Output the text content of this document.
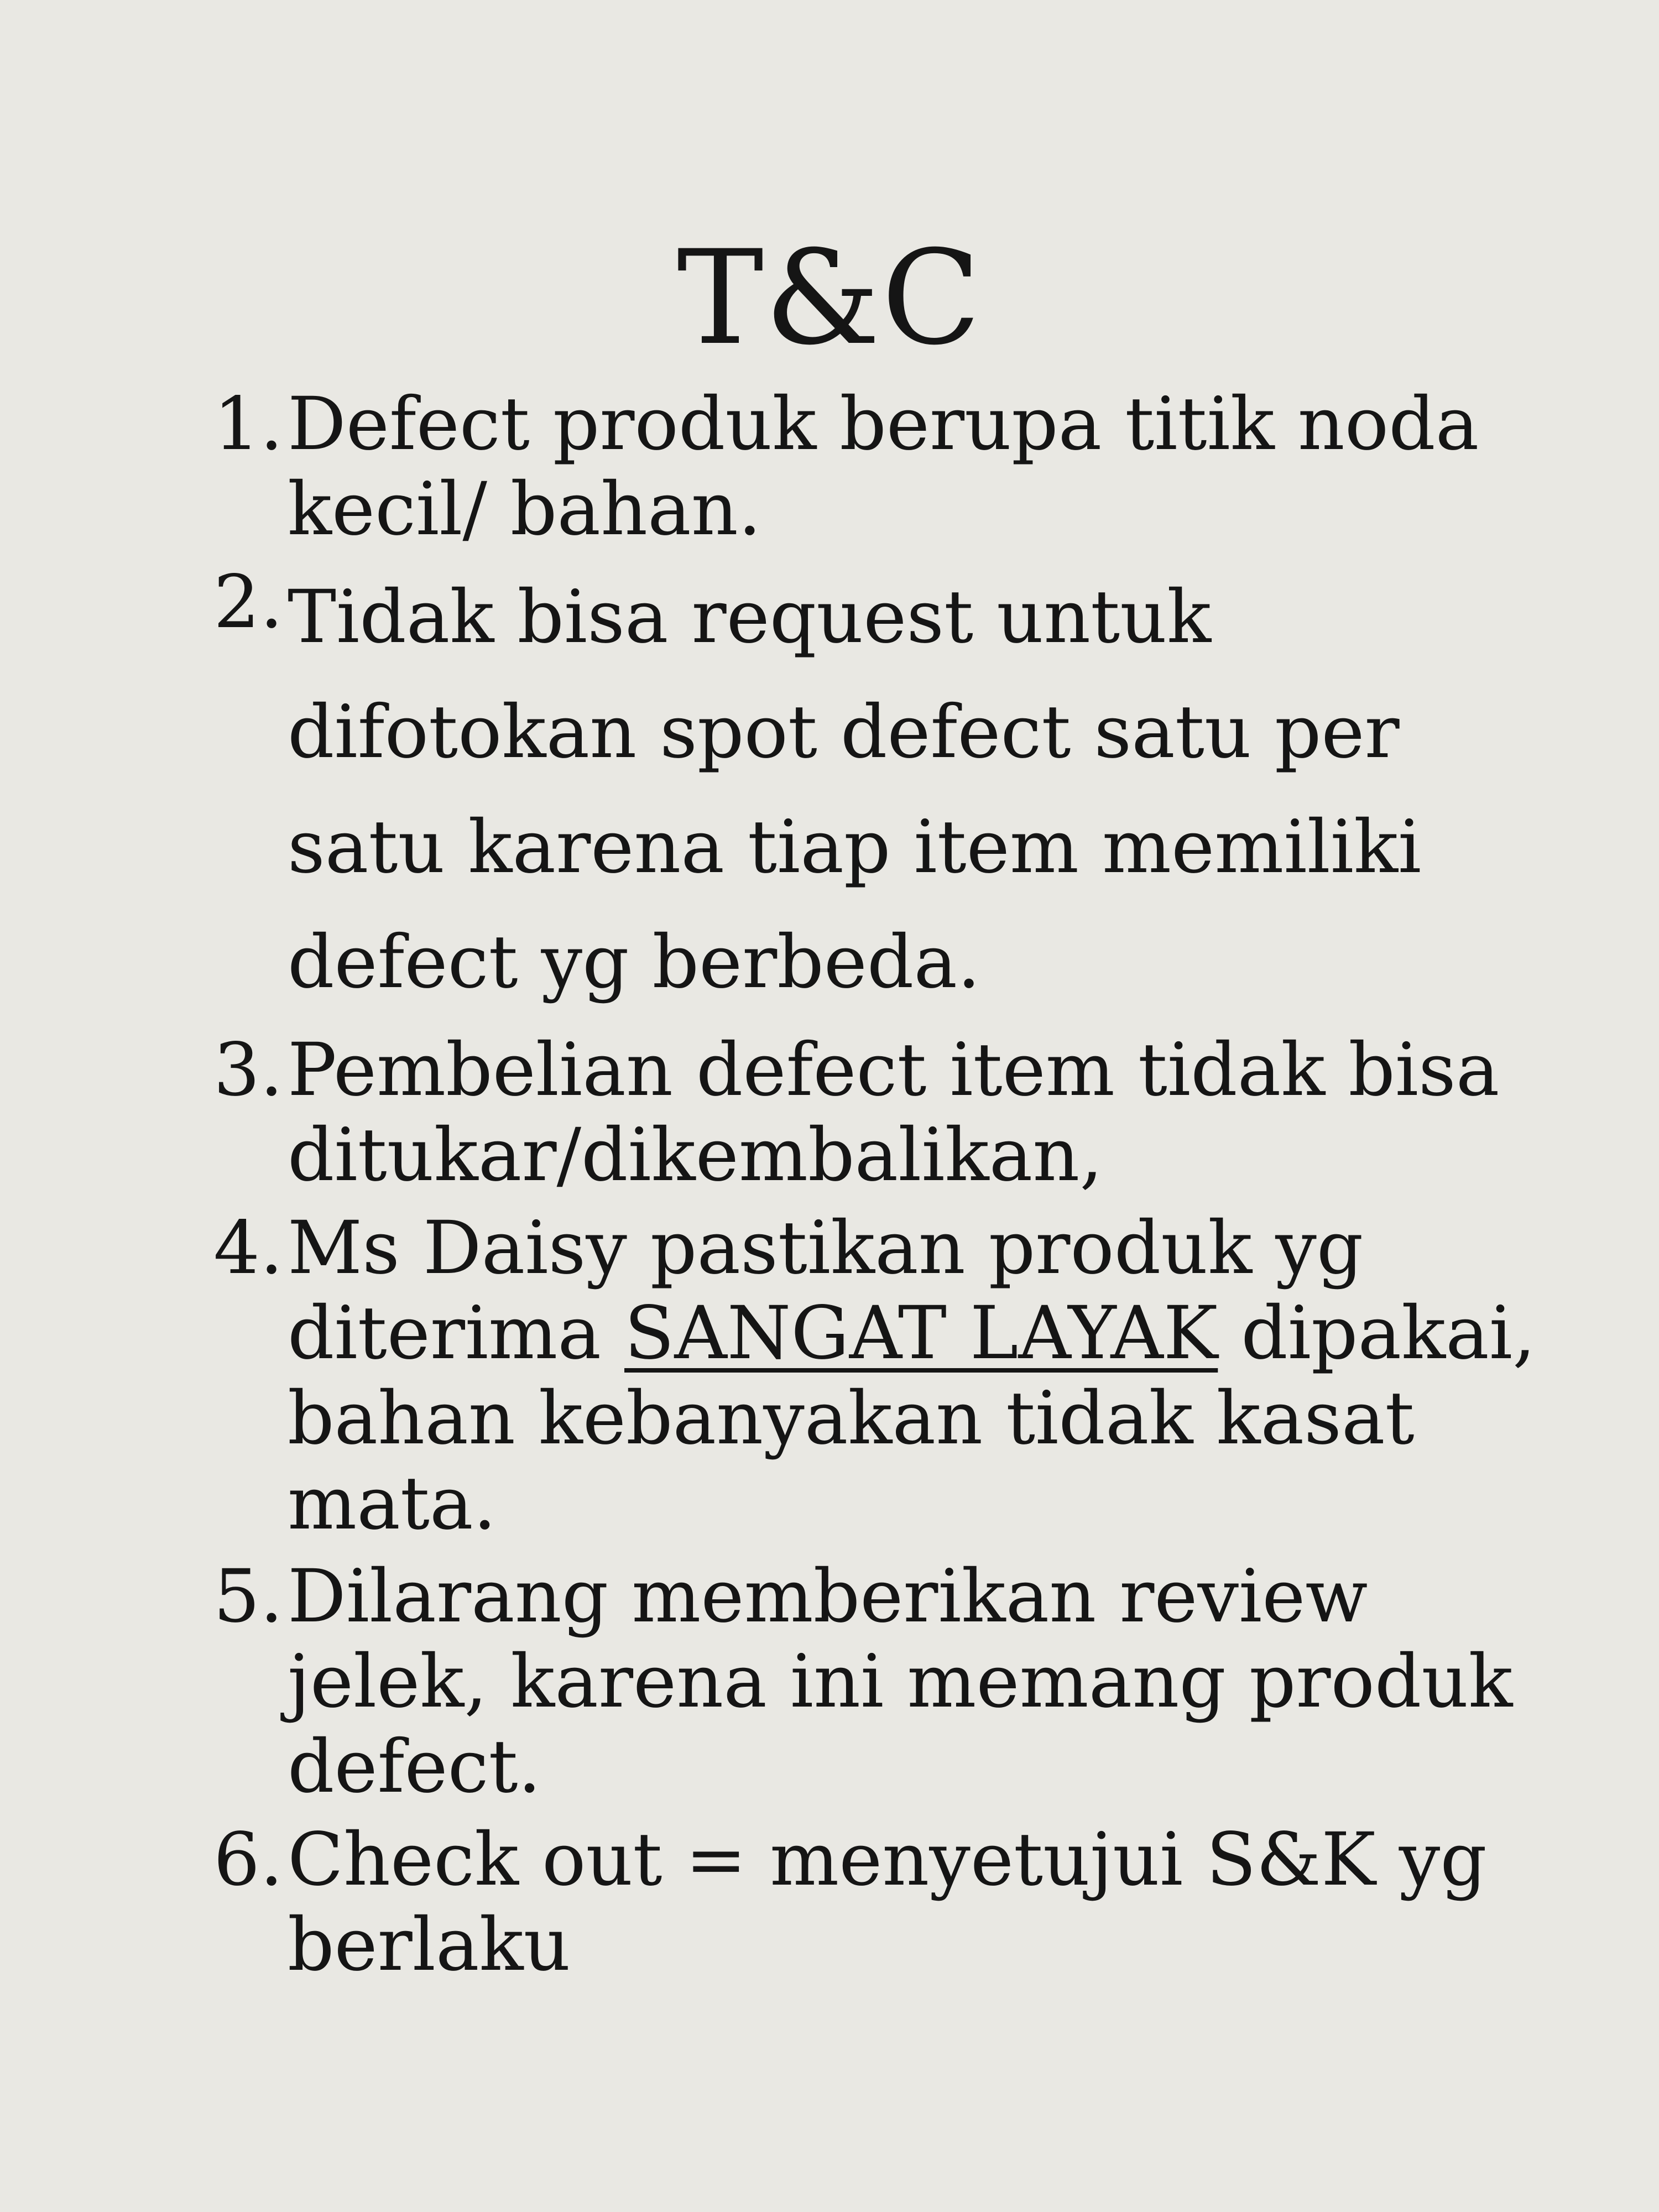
T&C
1. Defect produk berupa titik noda
kecil/ bahan.
2. Tidak bisa request untuk
difotokan spot defect satu per
satu karena tiap item memiliki
defect yg berbeda.
3. Pembelian defect item tidak bisa
ditukar/dikembalikan,
4. Ms Daisy pastikan produk yg
diterima SANGAT LAYAK dipakai,
bahan kebanyakan tidak kasat
mata.
5. Dilarang memberikan review
jelek, karena ini memang produk
defect.
6. Check out = menyetujui S&K yg
berlaku
